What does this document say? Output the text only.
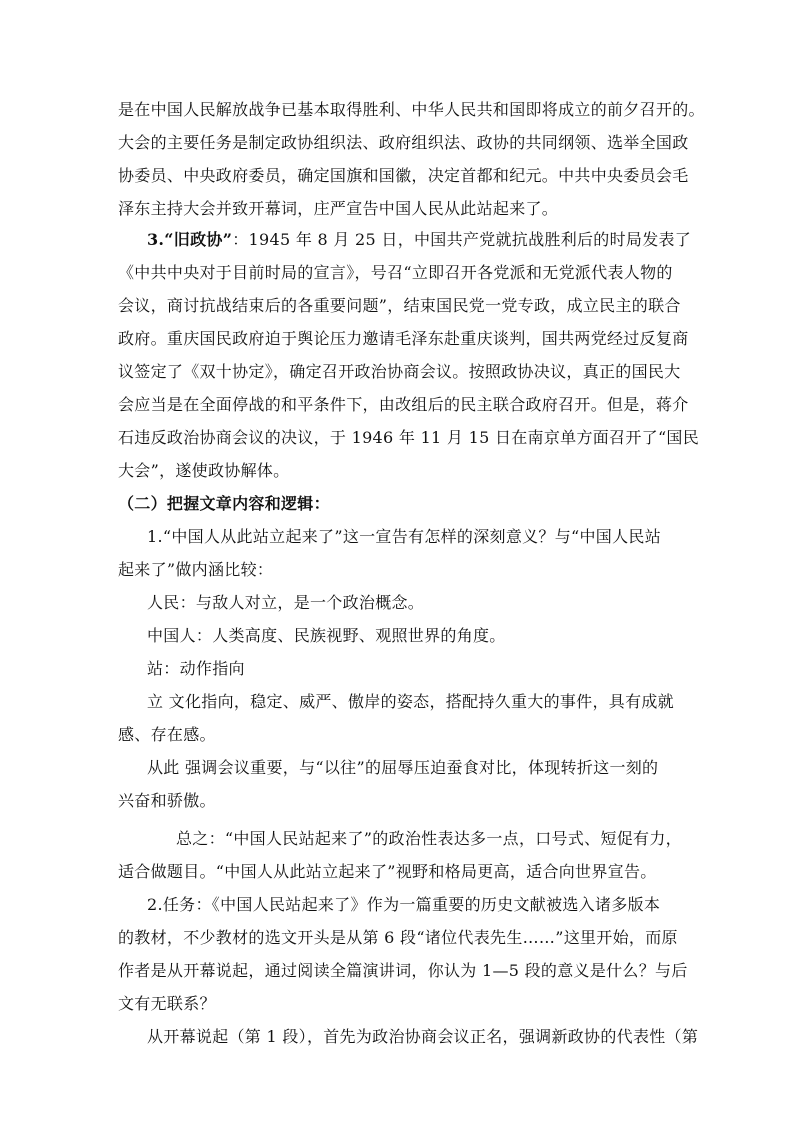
是在中国人民解放战争已基本取得胜利、中华人民共和国即将成立的前夕召开的。
大会的主要任务是制定政协组织法、政府组织法、政协的共同纲领、选举全国政
协委员、中央政府委员，确定国旗和国徽，决定首都和纪元。中共中央委员会毛
泽东主持大会并致开幕词，庄严宣告中国人民从此站起来了。
3.“旧政协”：1945 年 8 月 25 日，中国共产党就抗战胜利后的时局发表了
《中共中央对于目前时局的宣言》，号召“立即召开各党派和无党派代表人物的
会议，商讨抗战结束后的各重要问题”，结束国民党一党专政，成立民主的联合
政府。重庆国民政府迫于舆论压力邀请毛泽东赴重庆谈判，国共两党经过反复商
议签定了《双十协定》，确定召开政治协商会议。按照政协决议，真正的国民大
会应当是在全面停战的和平条件下，由改组后的民主联合政府召开。但是，蒋介
石违反政治协商会议的决议，于 1946 年 11 月 15 日在南京单方面召开了“国民
大会”，遂使政协解体。
（二）把握文章内容和逻辑：
1.“中国人从此站立起来了”这一宣告有怎样的深刻意义？与“中国人民站
起来了”做内涵比较：
人民：与敌人对立，是一个政治概念。
中国人：人类高度、民族视野、观照世界的角度。
站：动作指向
立 文化指向，稳定、威严、傲岸的姿态，搭配持久重大的事件，具有成就
感、存在感。
从此 强调会议重要，与“以往”的屈辱压迫蚕食对比，体现转折这一刻的
兴奋和骄傲。
总之：“中国人民站起来了”的政治性表达多一点，口号式、短促有力，
适合做题目。“中国人从此站立起来了”视野和格局更高，适合向世界宣告。
2.任务：《中国人民站起来了》作为一篇重要的历史文献被选入诸多版本
的教材，不少教材的选文开头是从第 6 段“诸位代表先生……”这里开始，而原
作者是从开幕说起，通过阅读全篇演讲词，你认为 1—5 段的意义是什么？与后
文有无联系？
从开幕说起（第 1 段），首先为政治协商会议正名，强调新政协的代表性（第
